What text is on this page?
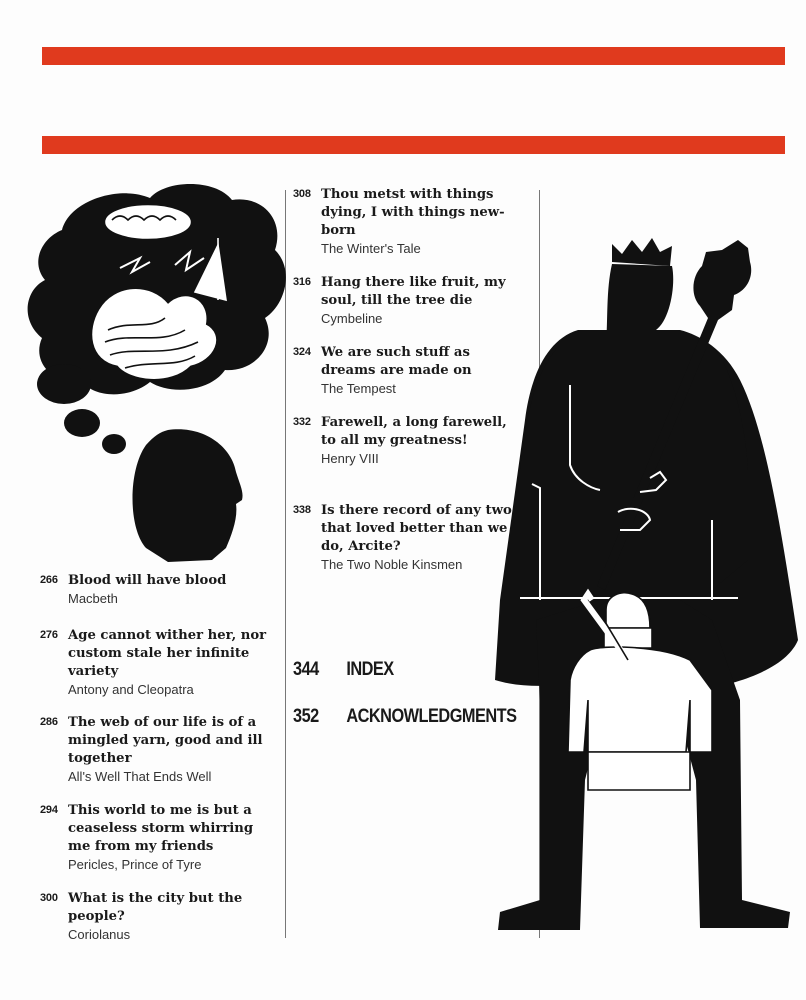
266 Blood will have blood
Macbeth
276 Age cannot wither her, nor custom stale her infinite variety
Antony and Cleopatra
286 The web of our life is of a mingled yarn, good and ill together
All's Well That Ends Well
294 This world to me is but a ceaseless storm whirring me from my friends
Pericles, Prince of Tyre
300 What is the city but the people?
Coriolanus
308 Thou metst with things dying, I with things new-born
The Winter's Tale
316 Hang there like fruit, my soul, till the tree die
Cymbeline
324 We are such stuff as dreams are made on
The Tempest
332 Farewell, a long farewell, to all my greatness!
Henry VIII
338 Is there record of any two that loved better than we do, Arcite?
The Two Noble Kinsmen
344 INDEX
352 ACKNOWLEDGMENTS
